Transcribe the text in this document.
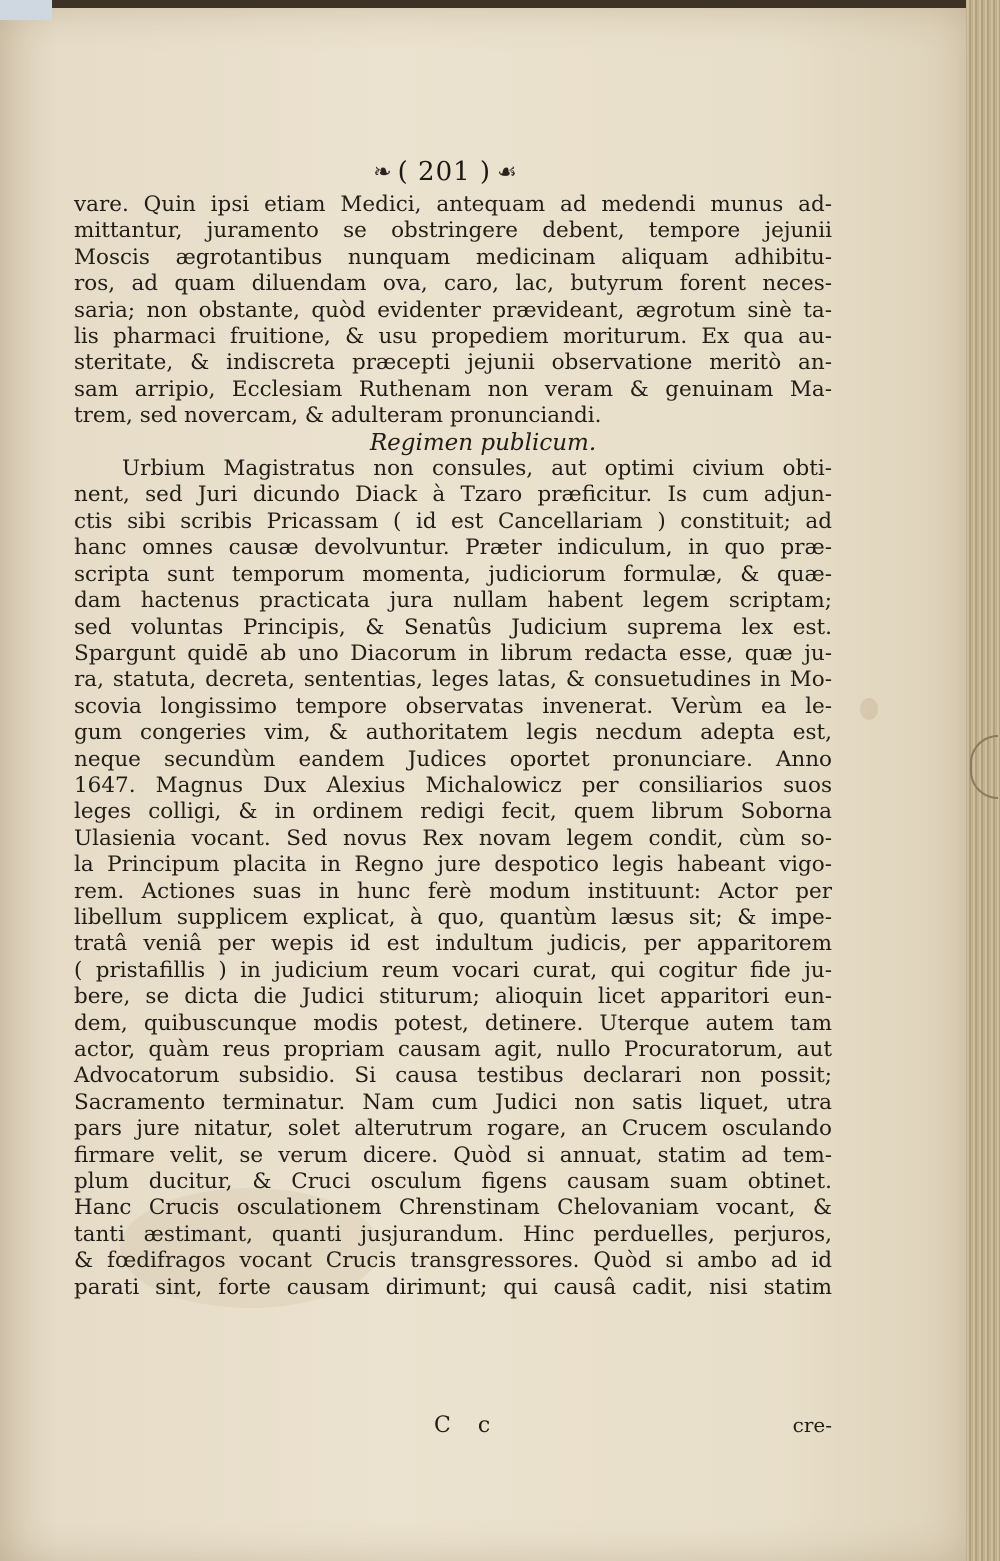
❧ ( 201 ) ☙
vare. Quin ipsi etiam Medici, antequam ad medendi munus ad-
mittantur, juramento se obstringere debent, tempore jejunii
Moscis ægrotantibus nunquam medicinam aliquam adhibitu-
ros, ad quam diluendam ova, caro, lac, butyrum forent neces-
saria; non obstante, quòd evidenter prævideant, ægrotum sinè ta-
lis pharmaci fruitione, & usu propediem moriturum. Ex qua au-
steritate, & indiscreta præcepti jejunii observatione meritò an-
sam arripio, Ecclesiam Ruthenam non veram & genuinam Ma-
trem, sed novercam, & adulteram pronunciandi.
Regimen publicum.
Urbium Magistratus non consules, aut optimi civium obti-
nent, sed Juri dicundo Diack à Tzaro præficitur. Is cum adjun-
ctis sibi scribis Pricassam ( id est Cancellariam ) constituit; ad
hanc omnes causæ devolvuntur. Præter indiculum, in quo præ-
scripta sunt temporum momenta, judiciorum formulæ, & quæ-
dam hactenus practicata jura nullam habent legem scriptam;
sed voluntas Principis, & Senatûs Judicium suprema lex est.
Spargunt quidē ab uno Diacorum in librum redacta esse, quæ ju-
ra, statuta, decreta, sententias, leges latas, & consuetudines in Mo-
scovia longissimo tempore observatas invenerat. Verùm ea le-
gum congeries vim, & authoritatem legis necdum adepta est,
neque secundùm eandem Judices oportet pronunciare. Anno
1647. Magnus Dux Alexius Michalowicz per consiliarios suos
leges colligi, & in ordinem redigi fecit, quem librum Soborna
Ulasienia vocant. Sed novus Rex novam legem condit, cùm so-
la Principum placita in Regno jure despotico legis habeant vigo-
rem. Actiones suas in hunc ferè modum instituunt: Actor per
libellum supplicem explicat, à quo, quantùm læsus sit; & impe-
tratâ veniâ per wepis id est indultum judicis, per apparitorem
( pristafillis ) in judicium reum vocari curat, qui cogitur fide ju-
bere, se dicta die Judici stiturum; alioquin licet apparitori eun-
dem, quibuscunque modis potest, detinere. Uterque autem tam
actor, quàm reus propriam causam agit, nullo Procuratorum, aut
Advocatorum subsidio. Si causa testibus declarari non possit;
Sacramento terminatur. Nam cum Judici non satis liquet, utra
pars jure nitatur, solet alterutrum rogare, an Crucem osculando
firmare velit, se verum dicere. Quòd si annuat, statim ad tem-
plum ducitur, & Cruci osculum figens causam suam obtinet.
Hanc Crucis osculationem Chrenstinam Chelovaniam vocant, &
tanti æstimant, quanti jusjurandum. Hinc perduelles, perjuros,
& fœdifragos vocant Crucis transgressores. Quòd si ambo ad id
parati sint, forte causam dirimunt; qui causâ cadit, nisi statim
C c	cre-
